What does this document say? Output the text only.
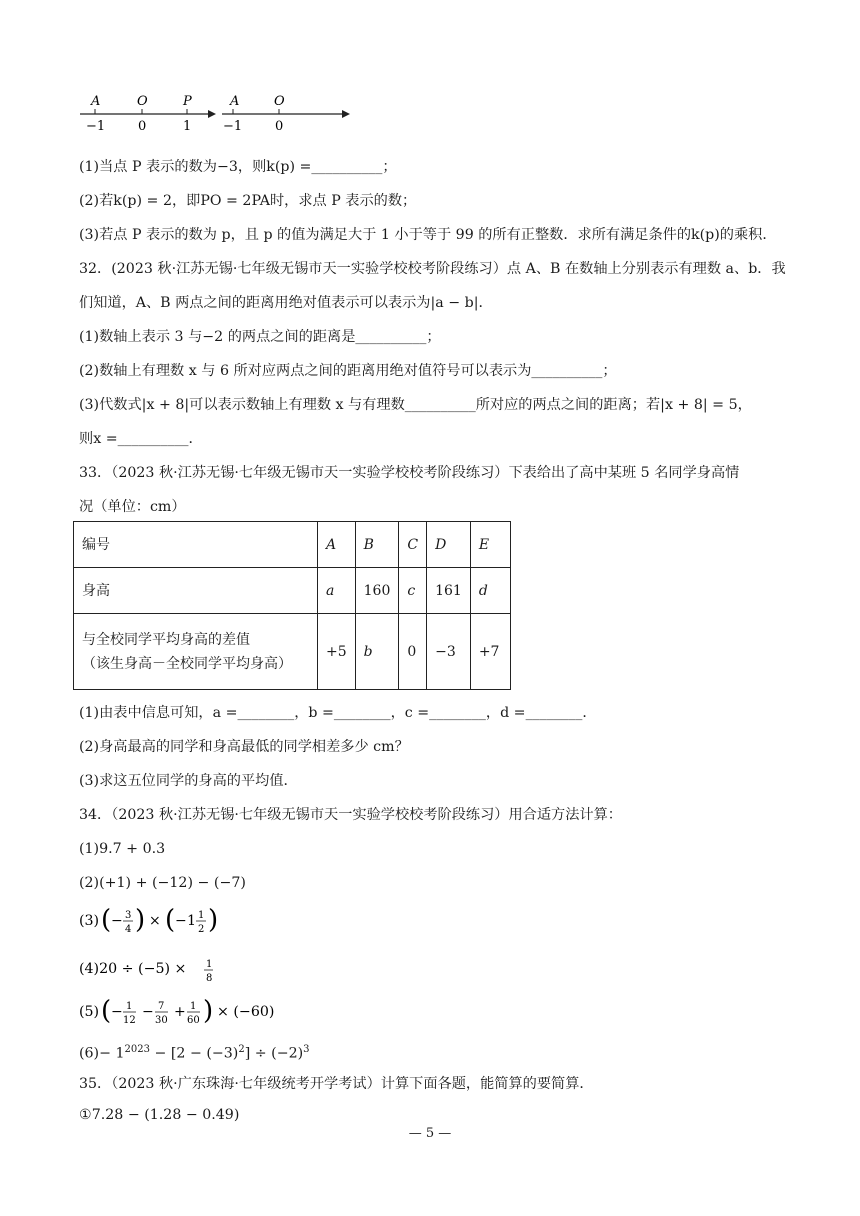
A	O	P
−1	0	1
A	O
−1	0
(1)当点 P 表示的数为−3，则k(p) =__________；
(2)若k(p) = 2，即PO = 2PA时，求点 P 表示的数；
(3)若点 P 表示的数为 p，且 p 的值为满足大于 1 小于等于 99 的所有正整数．求所有满足条件的k(p)的乘积．
32．(2023 秋·江苏无锡·七年级无锡市天一实验学校校考阶段练习）点 A、B 在数轴上分别表示有理数 a、b．我
们知道，A、B 两点之间的距离用绝对值表示可以表示为|a − b|．
(1)数轴上表示 3 与−2 的两点之间的距离是__________；
(2)数轴上有理数 x 与 6 所对应两点之间的距离用绝对值符号可以表示为__________；
(3)代数式|x + 8|可以表示数轴上有理数 x 与有理数__________所对应的两点之间的距离；若|x + 8| = 5，
则x =__________．
33．（2023 秋·江苏无锡·七年级无锡市天一实验学校校考阶段练习）下表给出了高中某班 5 名同学身高情
况（单位：cm）
编号	A	B	C	D	E
身高	a	160	c	161	d

与全校同学平均身高的差值
（该生身高－全校同学平均身高）	+5	b	0	−3	+7
(1)由表中信息可知，a =________，b =________，c =________，d =________．
(2)身高最高的同学和身高最低的同学相差多少 cm？
(3)求这五位同学的身高的平均值．
34．（2023 秋·江苏无锡·七年级无锡市天一实验学校校考阶段练习）用合适方法计算：
(1)9.7 + 0.3
(2)(+1) + (−12) − (−7)
(3) ( − 3
4 ) × ( − 1 1
2 )
(4)20 ÷ (−5) × 1
8
(5) ( − 1
12
− 7
30
+ 1
60 ) × (−60)
$(6)- 1^{2023} - [2 - (-3)^2] \div (-2)^3$
35．（2023 秋·广东珠海·七年级统考开学考试）计算下面各题，能简算的要简算．
①7.28 − (1.28 − 0.49)
— 5 —
